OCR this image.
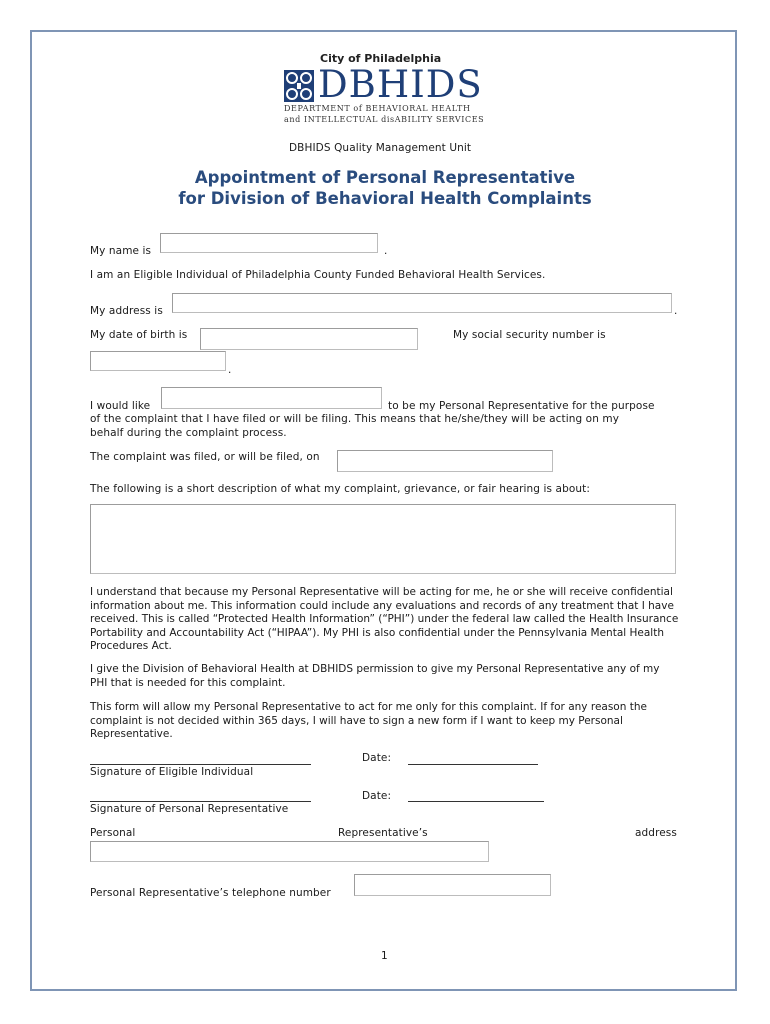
City of Philadelphia
DBHIDS
DEPARTMENT of BEHAVIORAL HEALTH
and INTELLECTUAL disABILITY SERVICES
DBHIDS Quality Management Unit
Appointment of Personal Representative
for Division of Behavioral Health Complaints
My name is	.
I am an Eligible Individual of Philadelphia County Funded Behavioral Health Services.
My address is	.
My date of birth is	My social security number is
.
I would like	to be my Personal Representative for the purpose
of the complaint that I have filed or will be filing. This means that he/she/they will be acting on my
behalf during the complaint process.
The complaint was filed, or will be filed, on
The following is a short description of what my complaint, grievance, or fair hearing is about:
I understand that because my Personal Representative will be acting for me, he or she will receive confidential information about me. This information could include any evaluations and records of any treatment that I have received. This is called “Protected Health Information” (“PHI”) under the federal law called the Health Insurance Portability and Accountability Act (“HIPAA”). My PHI is also confidential under the Pennsylvania Mental Health Procedures Act.
I give the Division of Behavioral Health at DBHIDS permission to give my Personal Representative any of my PHI that is needed for this complaint.
This form will allow my Personal Representative to act for me only for this complaint. If for any reason the complaint is not decided within 365 days, I will have to sign a new form if I want to keep my Personal Representative.
Date:
Signature of Eligible Individual
Date:
Signature of Personal Representative
Personal	Representative’s	address
Personal Representative’s telephone number
1
